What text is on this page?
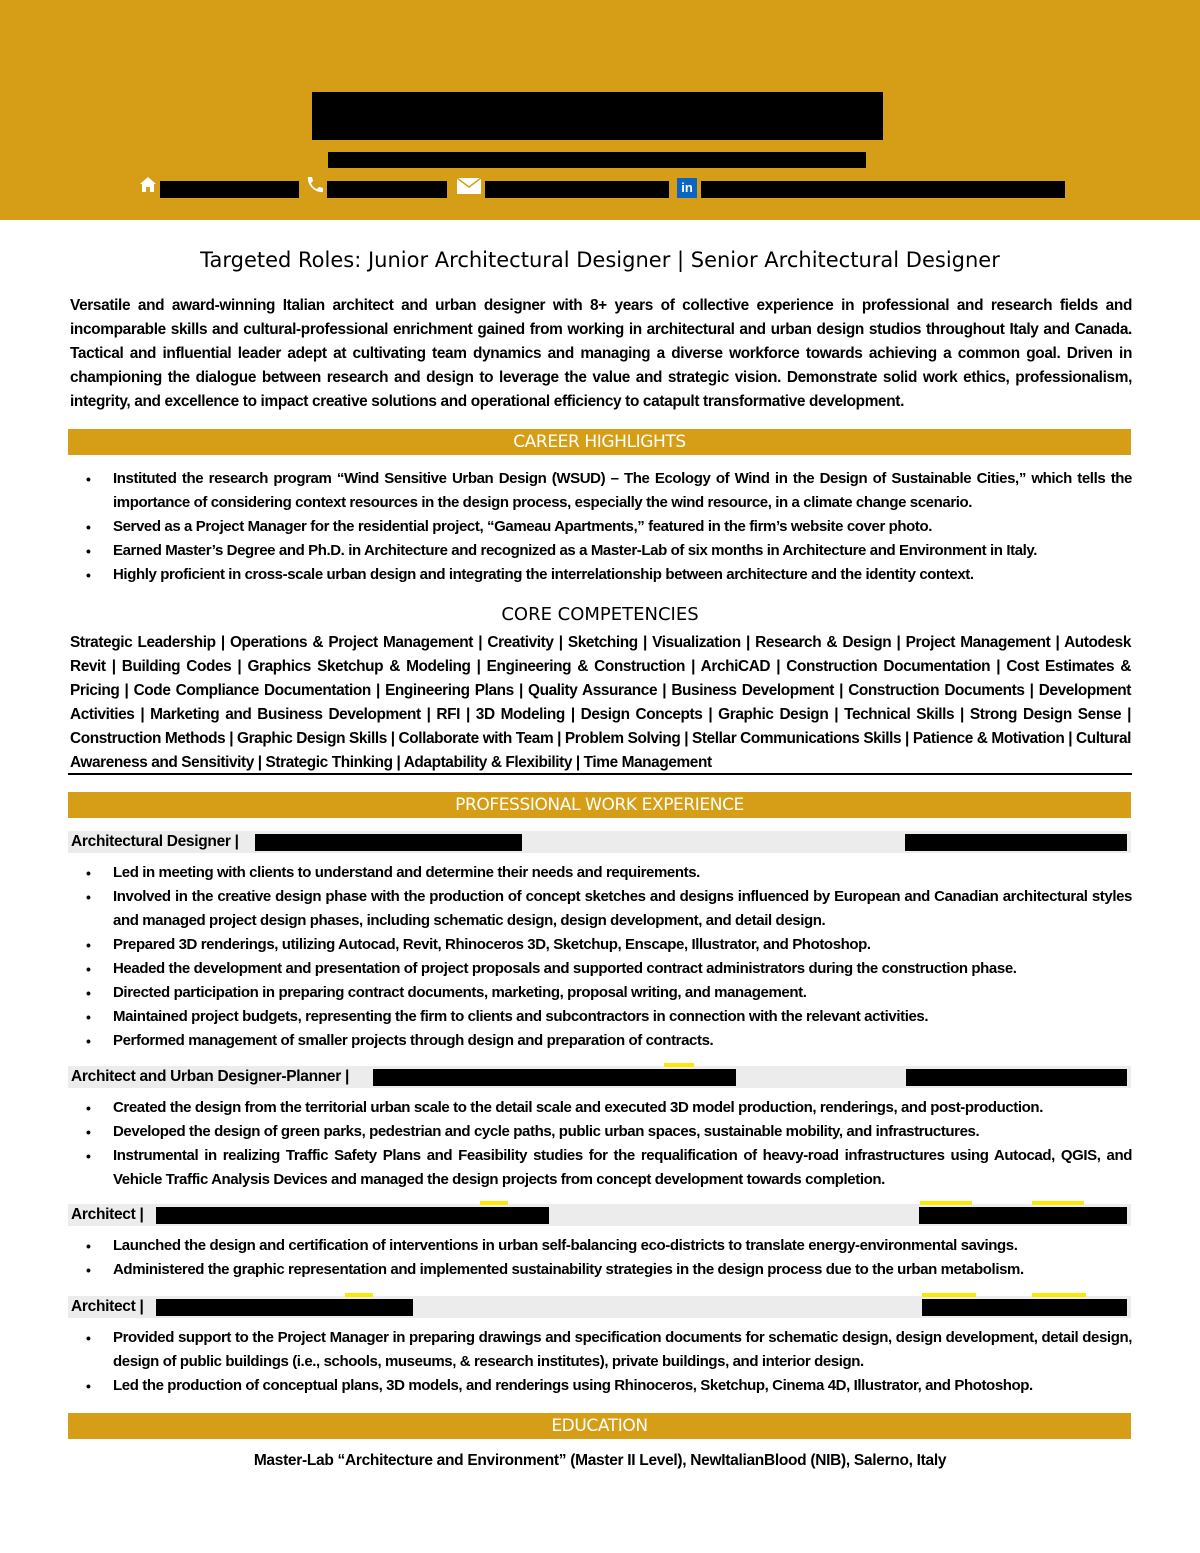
in
Targeted Roles: Junior Architectural Designer | Senior Architectural Designer
Versatile and award-winning Italian architect and urban designer with 8+ years of collective experience in professional and research fields and incomparable skills and cultural-professional enrichment gained from working in architectural and urban design studios throughout Italy and Canada. Tactical and influential leader adept at cultivating team dynamics and managing a diverse workforce towards achieving a common goal. Driven in championing the dialogue between research and design to leverage the value and strategic vision. Demonstrate solid work ethics, professionalism, integrity, and excellence to impact creative solutions and operational efficiency to catapult transformative development.
CAREER HIGHLIGHTS
• Instituted the research program “Wind Sensitive Urban Design (WSUD) – The Ecology of Wind in the Design of Sustainable Cities,” which tells the importance of considering context resources in the design process, especially the wind resource, in a climate change scenario.
• Served as a Project Manager for the residential project, “Gameau Apartments,” featured in the firm’s website cover photo.
• Earned Master’s Degree and Ph.D. in Architecture and recognized as a Master-Lab of six months in Architecture and Environment in Italy.
• Highly proficient in cross-scale urban design and integrating the interrelationship between architecture and the identity context.
CORE COMPETENCIES
Strategic Leadership | Operations & Project Management | Creativity | Sketching | Visualization | Research & Design | Project Management | Autodesk Revit | Building Codes | Graphics Sketchup & Modeling | Engineering & Construction | ArchiCAD | Construction Documentation | Cost Estimates & Pricing | Code Compliance Documentation | Engineering Plans | Quality Assurance | Business Development | Construction Documents | Development Activities | Marketing and Business Development | RFI | 3D Modeling | Design Concepts | Graphic Design | Technical Skills | Strong Design Sense | Construction Methods | Graphic Design Skills | Collaborate with Team | Problem Solving | Stellar Communications Skills | Patience & Motivation | Cultural Awareness and Sensitivity | Strategic Thinking | Adaptability & Flexibility | Time Management
PROFESSIONAL WORK EXPERIENCE
Architectural Designer |
• Led in meeting with clients to understand and determine their needs and requirements.
• Involved in the creative design phase with the production of concept sketches and designs influenced by European and Canadian architectural styles and managed project design phases, including schematic design, design development, and detail design.
• Prepared 3D renderings, utilizing Autocad, Revit, Rhinoceros 3D, Sketchup, Enscape, Illustrator, and Photoshop.
• Headed the development and presentation of project proposals and supported contract administrators during the construction phase.
• Directed participation in preparing contract documents, marketing, proposal writing, and management.
• Maintained project budgets, representing the firm to clients and subcontractors in connection with the relevant activities.
• Performed management of smaller projects through design and preparation of contracts.
Architect and Urban Designer-Planner |
• Created the design from the territorial urban scale to the detail scale and executed 3D model production, renderings, and post-production.
• Developed the design of green parks, pedestrian and cycle paths, public urban spaces, sustainable mobility, and infrastructures.
• Instrumental in realizing Traffic Safety Plans and Feasibility studies for the requalification of heavy-road infrastructures using Autocad, QGIS, and Vehicle Traffic Analysis Devices and managed the design projects from concept development towards completion.
Architect |
• Launched the design and certification of interventions in urban self-balancing eco-districts to translate energy-environmental savings.
• Administered the graphic representation and implemented sustainability strategies in the design process due to the urban metabolism.
Architect |
• Provided support to the Project Manager in preparing drawings and specification documents for schematic design, design development, detail design, design of public buildings (i.e., schools, museums, & research institutes), private buildings, and interior design.
• Led the production of conceptual plans, 3D models, and renderings using Rhinoceros, Sketchup, Cinema 4D, Illustrator, and Photoshop.
EDUCATION
Master-Lab “Architecture and Environment” (Master II Level), NewItalianBlood (NIB), Salerno, Italy
